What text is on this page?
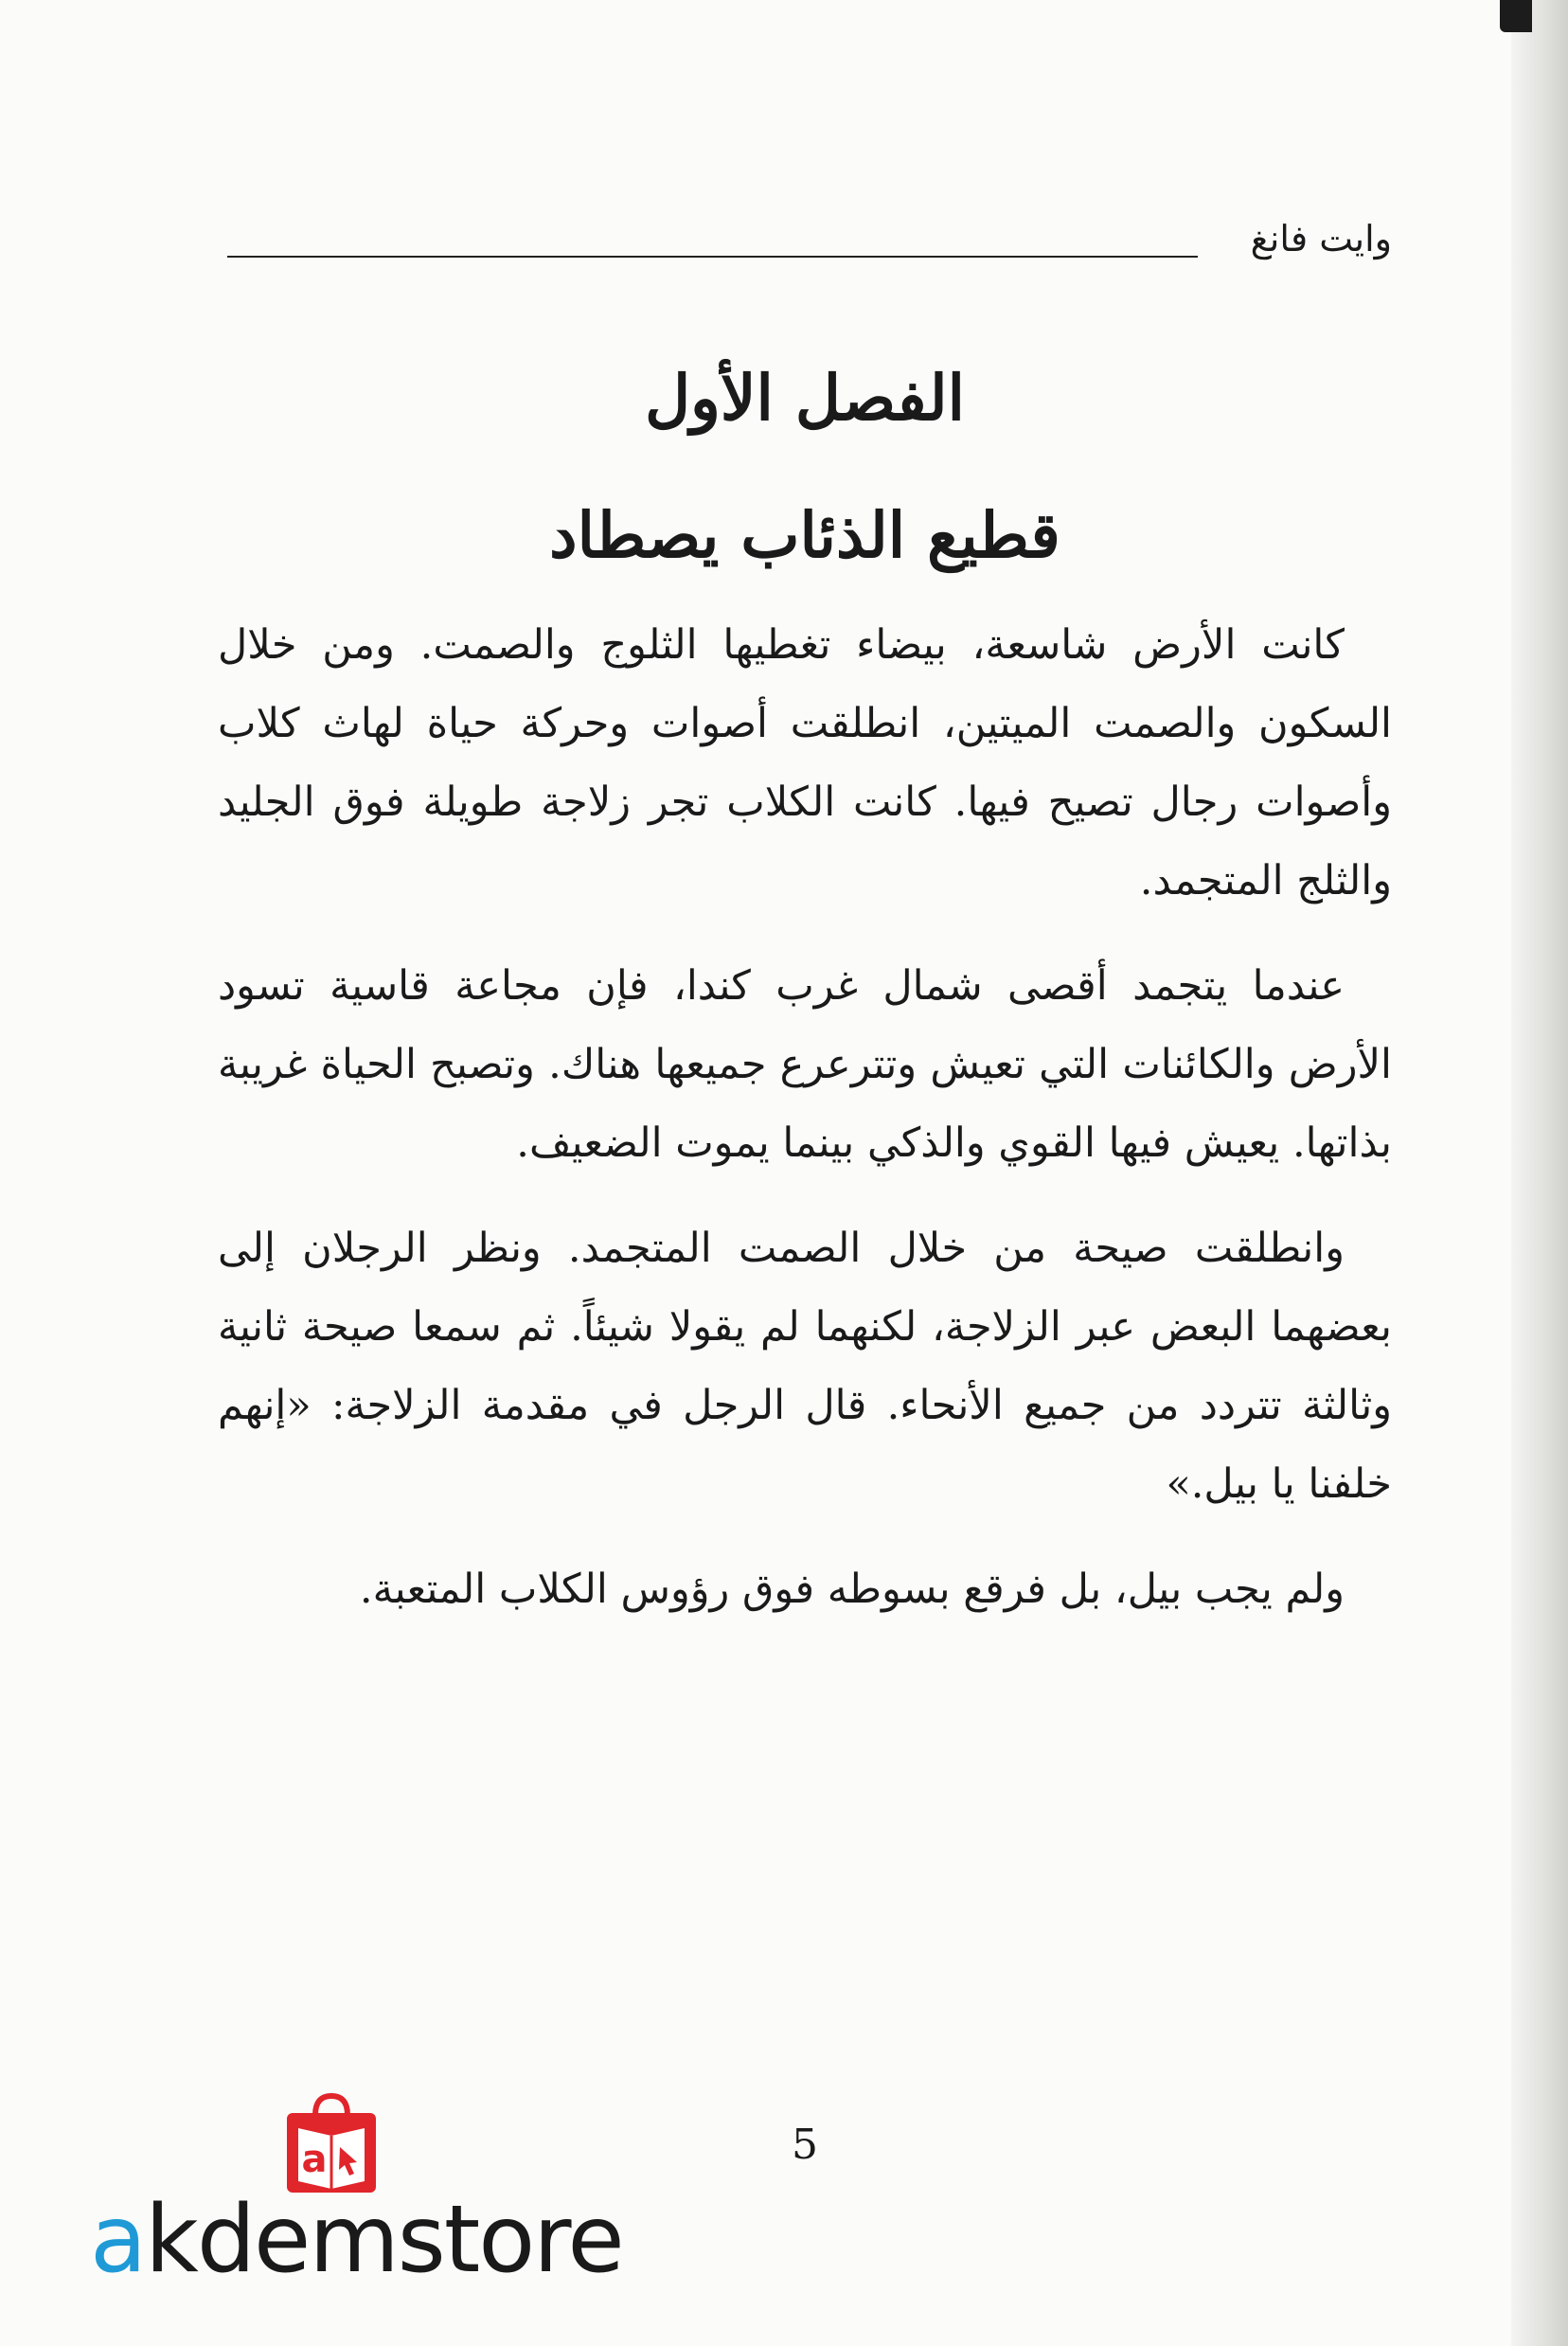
وايت فانغ
الفصل الأول
قطيع الذئاب يصطاد

كانت الأرض شاسعة، بيضاء تغطيها الثلوج والصمت. ومن خلال السكون والصمت الميتين، انطلقت أصوات وحركة حياة لهاث كلاب وأصوات رجال تصيح فيها. كانت الكلاب تجر زلاجة طويلة فوق الجليد والثلج المتجمد.

عندما يتجمد أقصى شمال غرب كندا، فإن مجاعة قاسية تسود الأرض والكائنات التي تعيش وتترعرع جميعها هناك. وتصبح الحياة غريبة بذاتها. يعيش فيها القوي والذكي بينما يموت الضعيف.

وانطلقت صيحة من خلال الصمت المتجمد. ونظر الرجلان إلى بعضهما البعض عبر الزلاجة، لكنهما لم يقولا شيئاً. ثم سمعا صيحة ثانية وثالثة تتردد من جميع الأنحاء. قال الرجل في مقدمة الزلاجة: «إنهم خلفنا يا بيل.»

ولم يجب بيل، بل فرقع بسوطه فوق رؤوس الكلاب المتعبة.

5
a
akdemstore
